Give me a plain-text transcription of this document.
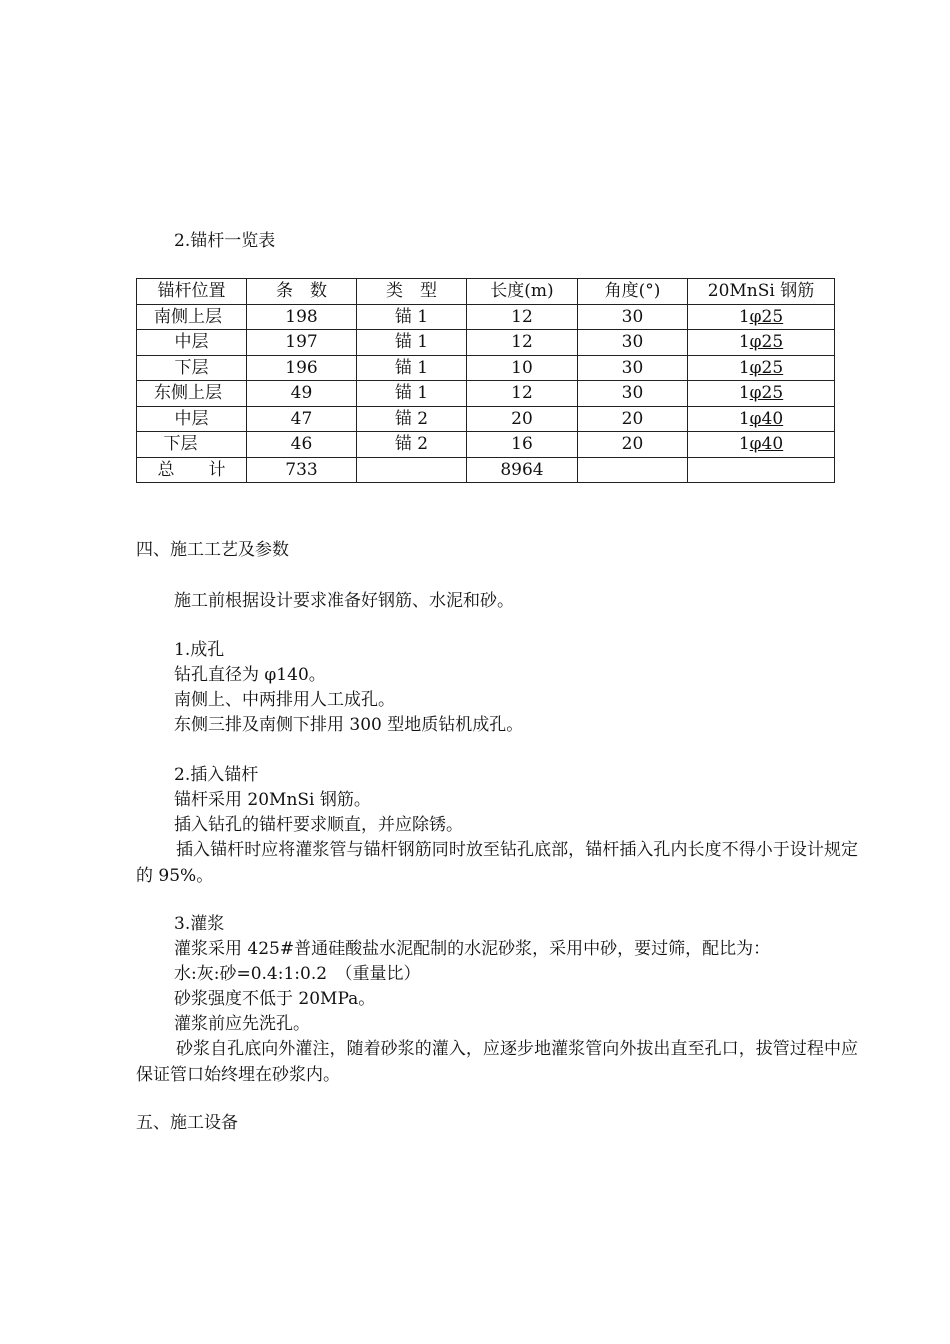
2.锚杆一览表
锚杆位置	条　数	类　型	长度(m)	角度(°)	20MnSi 钢筋
南侧上层	198	锚 1	12	30	1φ25
中层	197	锚 1	12	30	1φ25
下层	196	锚 1	10	30	1φ25
东侧上层	49	锚 1	12	30	1φ25
中层	47	锚 2	20	20	1φ40
下层	46	锚 2	16	20	1φ40
总　　计	733		8964		
四、施工工艺及参数
施工前根据设计要求准备好钢筋、水泥和砂。
1.成孔
钻孔直径为 φ140。
南侧上、中两排用人工成孔。
东侧三排及南侧下排用 300 型地质钻机成孔。
2.插入锚杆
锚杆采用 20MnSi 钢筋。
插入钻孔的锚杆要求顺直，并应除锈。
插入锚杆时应将灌浆管与锚杆钢筋同时放至钻孔底部，锚杆插入孔内长度不得小于设计规定的 95%。
3.灌浆
灌浆采用 425#普通硅酸盐水泥配制的水泥砂浆，采用中砂，要过筛，配比为：
水:灰:砂=0.4:1:0.2　（重量比）
砂浆强度不低于 20MPa。
灌浆前应先洗孔。
砂浆自孔底向外灌注，随着砂浆的灌入，应逐步地灌浆管向外拔出直至孔口，拔管过程中应保证管口始终埋在砂浆内。
五、施工设备
